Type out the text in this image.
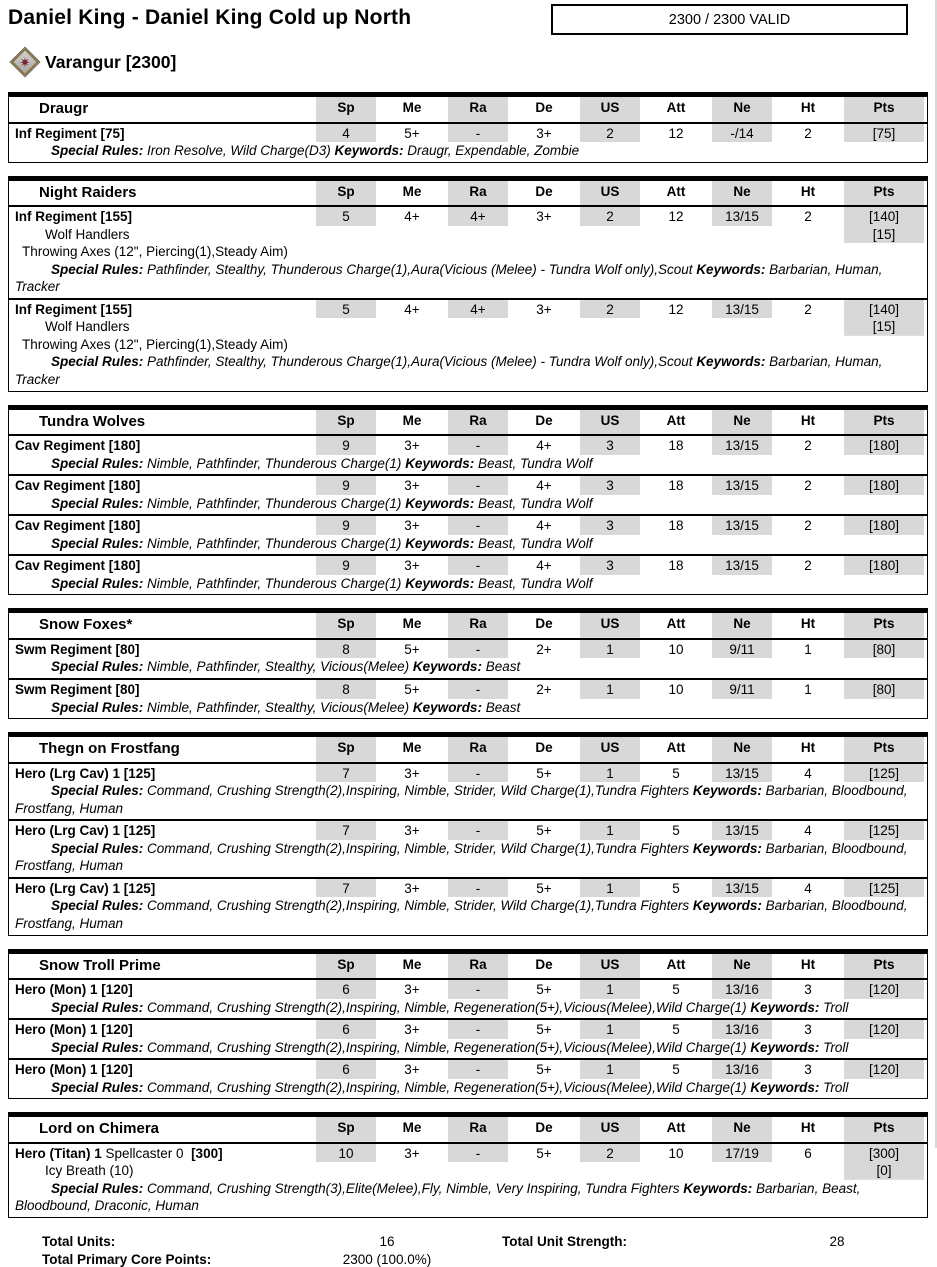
Daniel King - Daniel King Cold up North	2300 / 2300 VALID
✷ Varangur [2300]
Draugr	Sp	Me	Ra	De	US	Att	Ne	Ht	Pts
Inf Regiment [75]	4	5+	-	3+	2	12	-/14	2	[75]
Special Rules: Iron Resolve, Wild Charge(D3) Keywords: Draugr, Expendable, Zombie									
Night Raiders	Sp	Me	Ra	De	US	Att	Ne	Ht	Pts
Inf Regiment [155]	5	4+	4+	3+	2	12	13/15	2	[140]
Wolf Handlers									[15]
Throwing Axes (12", Piercing(1),Steady Aim)									
Special Rules: Pathfinder, Stealthy, Thunderous Charge(1),Aura(Vicious (Melee) - Tundra Wolf only),Scout Keywords: Barbarian, Human, Tracker									
Inf Regiment [155]	5	4+	4+	3+	2	12	13/15	2	[140]
Wolf Handlers									[15]
Throwing Axes (12", Piercing(1),Steady Aim)									
Special Rules: Pathfinder, Stealthy, Thunderous Charge(1),Aura(Vicious (Melee) - Tundra Wolf only),Scout Keywords: Barbarian, Human, Tracker									
Tundra Wolves	Sp	Me	Ra	De	US	Att	Ne	Ht	Pts
Cav Regiment [180]	9	3+	-	4+	3	18	13/15	2	[180]
Special Rules: Nimble, Pathfinder, Thunderous Charge(1) Keywords: Beast, Tundra Wolf									
Cav Regiment [180]	9	3+	-	4+	3	18	13/15	2	[180]
Special Rules: Nimble, Pathfinder, Thunderous Charge(1) Keywords: Beast, Tundra Wolf									
Cav Regiment [180]	9	3+	-	4+	3	18	13/15	2	[180]
Special Rules: Nimble, Pathfinder, Thunderous Charge(1) Keywords: Beast, Tundra Wolf									
Cav Regiment [180]	9	3+	-	4+	3	18	13/15	2	[180]
Special Rules: Nimble, Pathfinder, Thunderous Charge(1) Keywords: Beast, Tundra Wolf									
Snow Foxes*	Sp	Me	Ra	De	US	Att	Ne	Ht	Pts
Swm Regiment [80]	8	5+	-	2+	1	10	9/11	1	[80]
Special Rules: Nimble, Pathfinder, Stealthy, Vicious(Melee) Keywords: Beast									
Swm Regiment [80]	8	5+	-	2+	1	10	9/11	1	[80]
Special Rules: Nimble, Pathfinder, Stealthy, Vicious(Melee) Keywords: Beast									
Thegn on Frostfang	Sp	Me	Ra	De	US	Att	Ne	Ht	Pts
Hero (Lrg Cav) 1 [125]	7	3+	-	5+	1	5	13/15	4	[125]
Special Rules: Command, Crushing Strength(2),Inspiring, Nimble, Strider, Wild Charge(1),Tundra Fighters Keywords: Barbarian, Bloodbound, Frostfang, Human									
Hero (Lrg Cav) 1 [125]	7	3+	-	5+	1	5	13/15	4	[125]
Special Rules: Command, Crushing Strength(2),Inspiring, Nimble, Strider, Wild Charge(1),Tundra Fighters Keywords: Barbarian, Bloodbound, Frostfang, Human									
Hero (Lrg Cav) 1 [125]	7	3+	-	5+	1	5	13/15	4	[125]
Special Rules: Command, Crushing Strength(2),Inspiring, Nimble, Strider, Wild Charge(1),Tundra Fighters Keywords: Barbarian, Bloodbound, Frostfang, Human									
Snow Troll Prime	Sp	Me	Ra	De	US	Att	Ne	Ht	Pts
Hero (Mon) 1 [120]	6	3+	-	5+	1	5	13/16	3	[120]
Special Rules: Command, Crushing Strength(2),Inspiring, Nimble, Regeneration(5+),Vicious(Melee),Wild Charge(1) Keywords: Troll									
Hero (Mon) 1 [120]	6	3+	-	5+	1	5	13/16	3	[120]
Special Rules: Command, Crushing Strength(2),Inspiring, Nimble, Regeneration(5+),Vicious(Melee),Wild Charge(1) Keywords: Troll									
Hero (Mon) 1 [120]	6	3+	-	5+	1	5	13/16	3	[120]
Special Rules: Command, Crushing Strength(2),Inspiring, Nimble, Regeneration(5+),Vicious(Melee),Wild Charge(1) Keywords: Troll									
Lord on Chimera	Sp	Me	Ra	De	US	Att	Ne	Ht	Pts
Hero (Titan) 1 Spellcaster 0  [300]	10	3+	-	5+	2	10	17/19	6	[300]
Icy Breath (10)									[0]
Special Rules: Command, Crushing Strength(3),Elite(Melee),Fly, Nimble, Very Inspiring, Tundra Fighters Keywords: Barbarian, Beast, Bloodbound, Draconic, Human									
Total Units:	16	Total Unit Strength:	28
Total Primary Core Points:	2300 (100.0%)
